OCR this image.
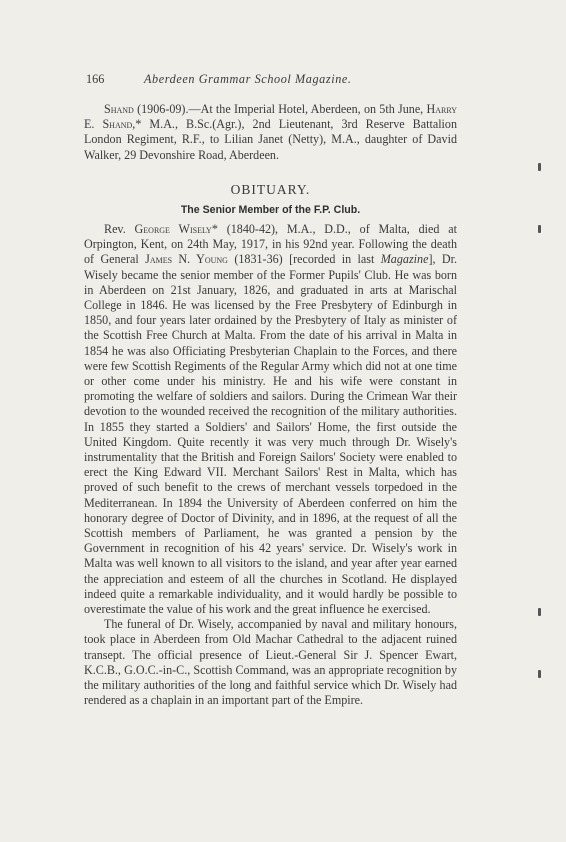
166	Aberdeen Grammar School Magazine.

Shand (1906-09).—At the Imperial Hotel, Aberdeen, on 5th June, Harry E. Shand,* M.A., B.Sc.(Agr.), 2nd Lieutenant, 3rd Reserve Battalion London Regiment, R.F., to Lilian Janet (Netty), M.A., daughter of David Walker, 29 Devonshire Road, Aberdeen.

OBITUARY.
The Senior Member of the F.P. Club.

Rev. George Wisely* (1840-42), M.A., D.D., of Malta, died at Orpington, Kent, on 24th May, 1917, in his 92nd year. Following the death of General James N. Young (1831-36) [recorded in last Magazine], Dr. Wisely became the senior member of the Former Pupils' Club. He was born in Aberdeen on 21st January, 1826, and graduated in arts at Marischal College in 1846. He was licensed by the Free Presbytery of Edinburgh in 1850, and four years later ordained by the Presbytery of Italy as minister of the Scottish Free Church at Malta. From the date of his arrival in Malta in 1854 he was also Officiating Presbyterian Chaplain to the Forces, and there were few Scottish Regiments of the Regular Army which did not at one time or other come under his ministry. He and his wife were constant in promoting the welfare of soldiers and sailors. During the Crimean War their devotion to the wounded received the recognition of the military authorities. In 1855 they started a Soldiers' and Sailors' Home, the first outside the United Kingdom. Quite recently it was very much through Dr. Wisely's instrumentality that the British and Foreign Sailors' Society were enabled to erect the King Edward VII. Merchant Sailors' Rest in Malta, which has proved of such benefit to the crews of merchant vessels torpedoed in the Mediterranean. In 1894 the University of Aberdeen conferred on him the honorary degree of Doctor of Divinity, and in 1896, at the request of all the Scottish members of Parliament, he was granted a pension by the Government in recognition of his 42 years' service. Dr. Wisely's work in Malta was well known to all visitors to the island, and year after year earned the appreciation and esteem of all the churches in Scotland. He displayed indeed quite a remarkable individuality, and it would hardly be possible to overestimate the value of his work and the great influence he exercised.

The funeral of Dr. Wisely, accompanied by naval and military honours, took place in Aberdeen from Old Machar Cathedral to the adjacent ruined transept. The official presence of Lieut.-General Sir J. Spencer Ewart, K.C.B., G.O.C.-in-C., Scottish Command, was an appropriate recognition by the military authorities of the long and faithful service which Dr. Wisely had rendered as a chaplain in an important part of the Empire.
